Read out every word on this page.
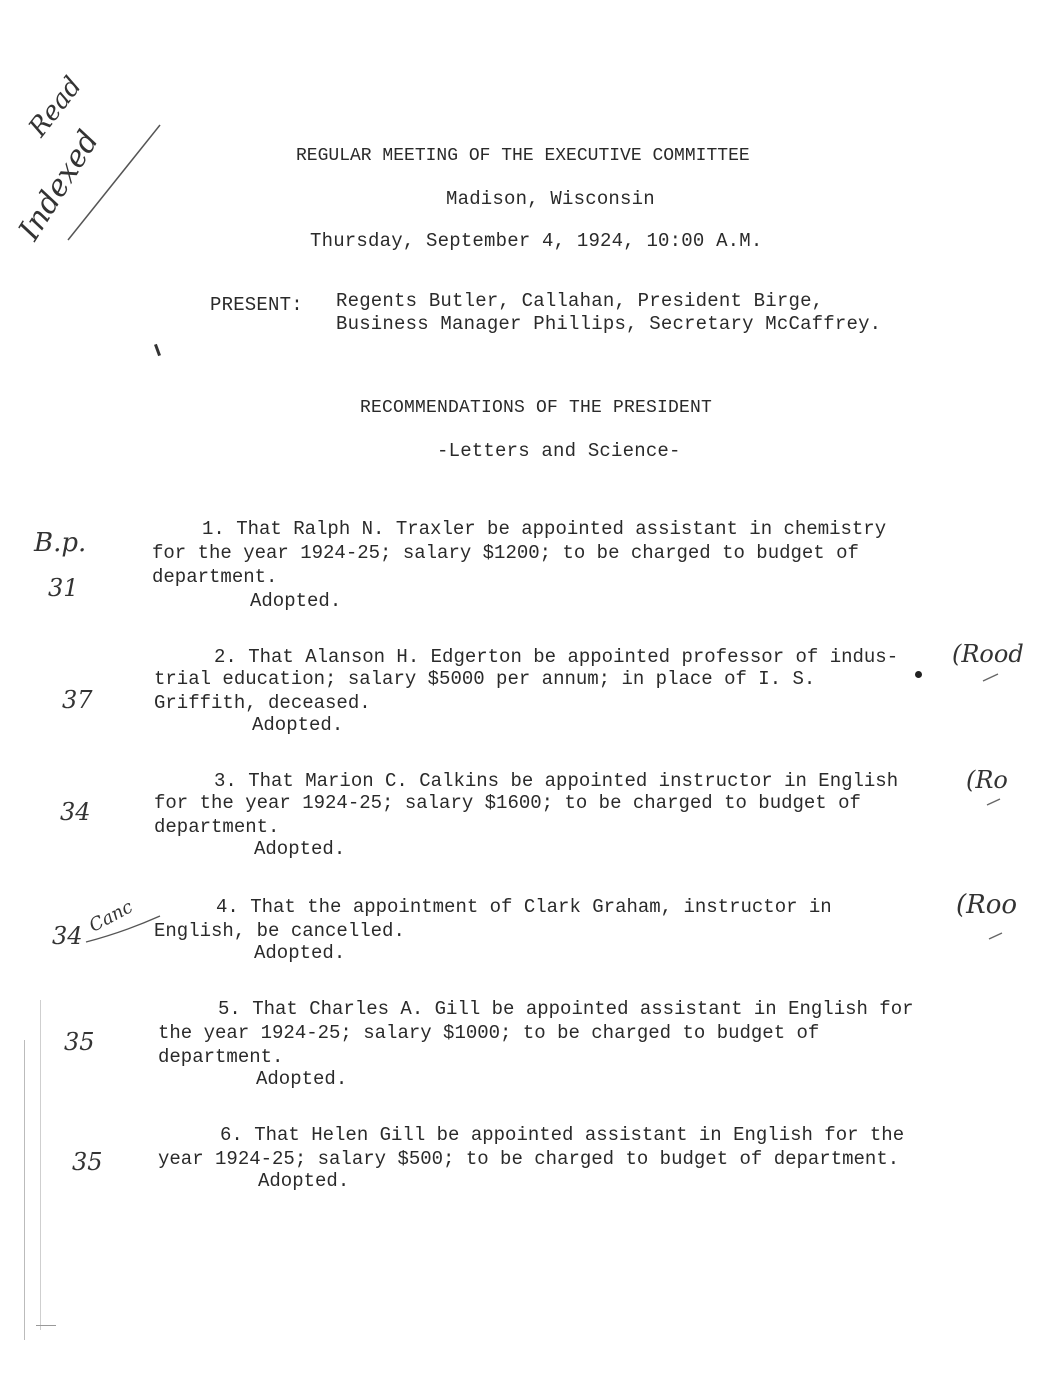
Read
Indexed	REGULAR MEETING OF THE EXECUTIVE COMMITTEE
Madison, Wisconsin
Thursday, September 4, 1924, 10:00 A.M.
PRESENT: Regents Butler, Callahan, President Birge,
Business Manager Phillips, Secretary McCaffrey.
RECOMMENDATIONS OF THE PRESIDENT
-Letters and Science-
1. That Ralph N. Traxler be appointed assistant in chemistry
for the year 1924-25; salary $1200; to be charged to budget of
department.
Adopted.
2. That Alanson H. Edgerton be appointed professor of indus-
trial education; salary $5000 per annum; in place of I. S.
Griffith, deceased.
Adopted.
3. That Marion C. Calkins be appointed instructor in English
for the year 1924-25; salary $1600; to be charged to budget of
department.
Adopted.
4. That the appointment of Clark Graham, instructor in
English, be cancelled.
Adopted.
5. That Charles A. Gill be appointed assistant in English for
the year 1924-25; salary $1000; to be charged to budget of
department.
Adopted.
6. That Helen Gill be appointed assistant in English for the
year 1924-25; salary $500; to be charged to budget of department.
Adopted.
B.p.
31
37
34
34 Canc
35
35
(Rood
(Ro
(Roo
